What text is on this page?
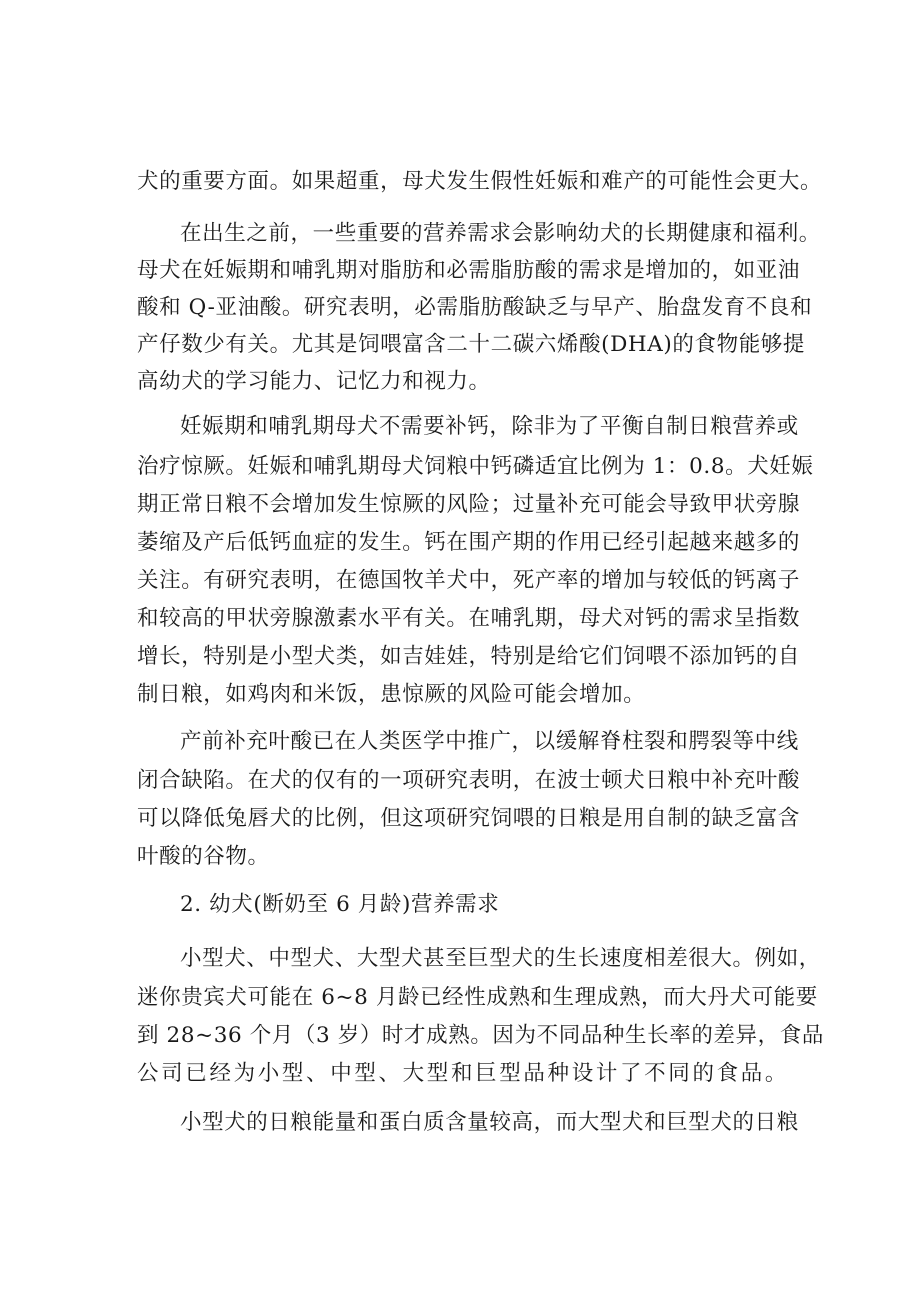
犬的重要方面。如果超重，母犬发生假性妊娠和难产的可能性会更大。
在出生之前，一些重要的营养需求会影响幼犬的长期健康和福利。
母犬在妊娠期和哺乳期对脂肪和必需脂肪酸的需求是增加的，如亚油
酸和 Q-亚油酸。研究表明，必需脂肪酸缺乏与早产、胎盘发育不良和
产仔数少有关。尤其是饲喂富含二十二碳六烯酸(DHA)的食物能够提
高幼犬的学习能力、记忆力和视力。
妊娠期和哺乳期母犬不需要补钙，除非为了平衡自制日粮营养或
治疗惊厥。妊娠和哺乳期母犬饲粮中钙磷适宜比例为 1：0.8。犬妊娠
期正常日粮不会增加发生惊厥的风险；过量补充可能会导致甲状旁腺
萎缩及产后低钙血症的发生。钙在围产期的作用已经引起越来越多的
关注。有研究表明，在德国牧羊犬中，死产率的增加与较低的钙离子
和较高的甲状旁腺激素水平有关。在哺乳期，母犬对钙的需求呈指数
增长，特别是小型犬类，如吉娃娃，特别是给它们饲喂不添加钙的自
制日粮，如鸡肉和米饭，患惊厥的风险可能会增加。
产前补充叶酸已在人类医学中推广，以缓解脊柱裂和腭裂等中线
闭合缺陷。在犬的仅有的一项研究表明，在波士顿犬日粮中补充叶酸
可以降低兔唇犬的比例，但这项研究饲喂的日粮是用自制的缺乏富含
叶酸的谷物。
2. 幼犬(断奶至 6 月龄)营养需求
小型犬、中型犬、大型犬甚至巨型犬的生长速度相差很大。例如，
迷你贵宾犬可能在 6~8 月龄已经性成熟和生理成熟，而大丹犬可能要
到 28~36 个月（3 岁）时才成熟。因为不同品种生长率的差异，食品
公司已经为小型、中型、大型和巨型品种设计了不同的食品。
小型犬的日粮能量和蛋白质含量较高，而大型犬和巨型犬的日粮
